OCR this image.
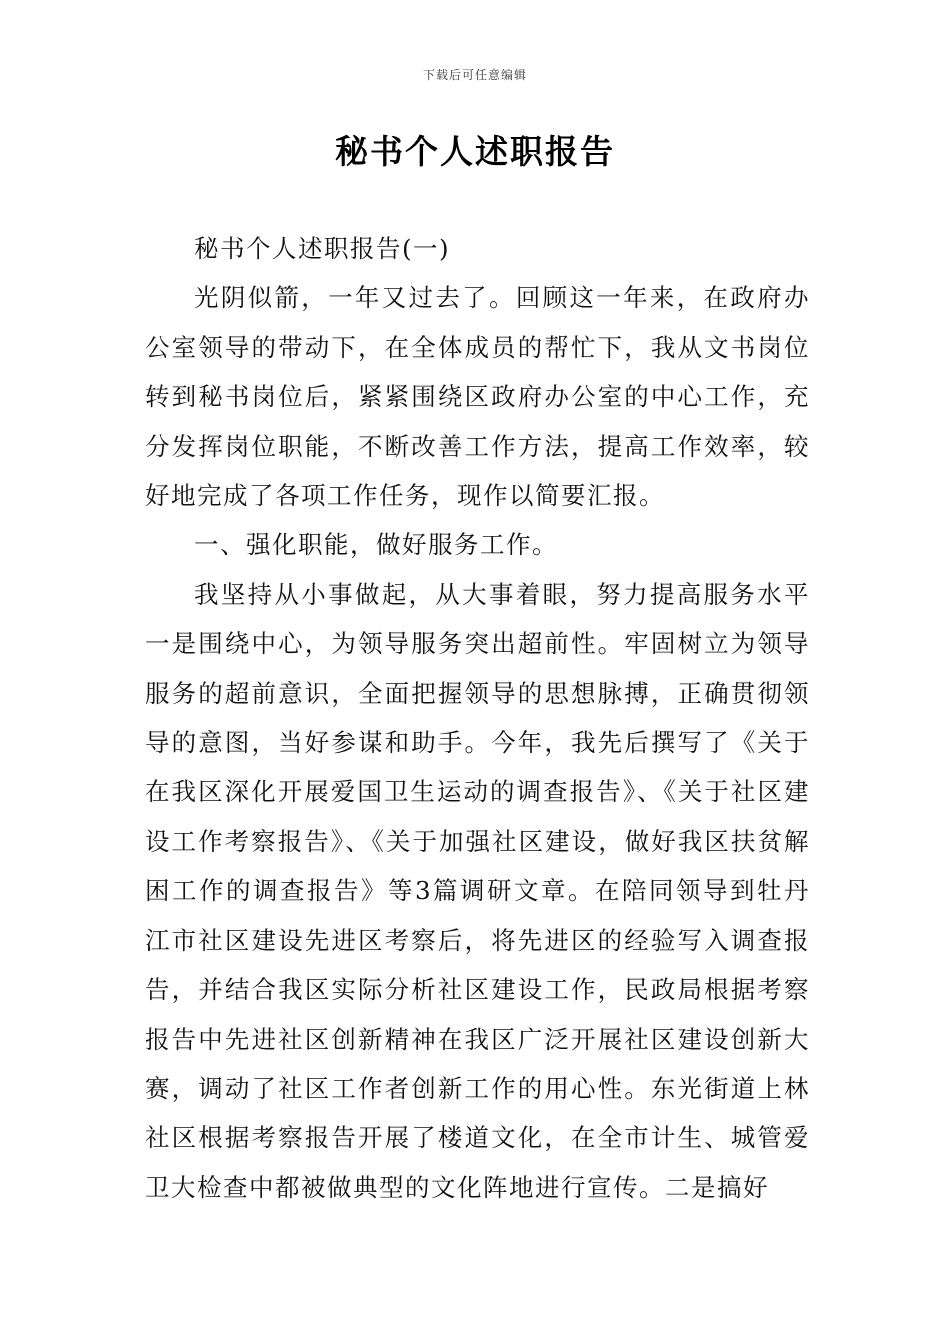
下载后可任意编辑
秘书个人述职报告

秘书个人述职报告(一)

光阴似箭，一年又过去了。回顾这一年来，在政府办公室领导的带动下，在全体成员的帮忙下，我从文书岗位转到秘书岗位后，紧紧围绕区政府办公室的中心工作，充分发挥岗位职能，不断改善工作方法，提高工作效率，较好地完成了各项工作任务，现作以简要汇报。

一、强化职能，做好服务工作。

我坚持从小事做起，从大事着眼，努力提高服务水平一是围绕中心，为领导服务突出超前性。牢固树立为领导服务的超前意识，全面把握领导的思想脉搏，正确贯彻领导的意图，当好参谋和助手。今年，我先后撰写了《关于在我区深化开展爱国卫生运动的调查报告》、《关于社区建设工作考察报告》、《关于加强社区建设，做好我区扶贫解困工作的调查报告》等3篇调研文章。在陪同领导到牡丹江市社区建设先进区考察后，将先进区的经验写入调查报告，并结合我区实际分析社区建设工作，民政局根据考察报告中先进社区创新精神在我区广泛开展社区建设创新大赛，调动了社区工作者创新工作的用心性。东光街道上林社区根据考察报告开展了楼道文化，在全市计生、城管爱卫大检查中都被做典型的文化阵地进行宣传。二是搞好
